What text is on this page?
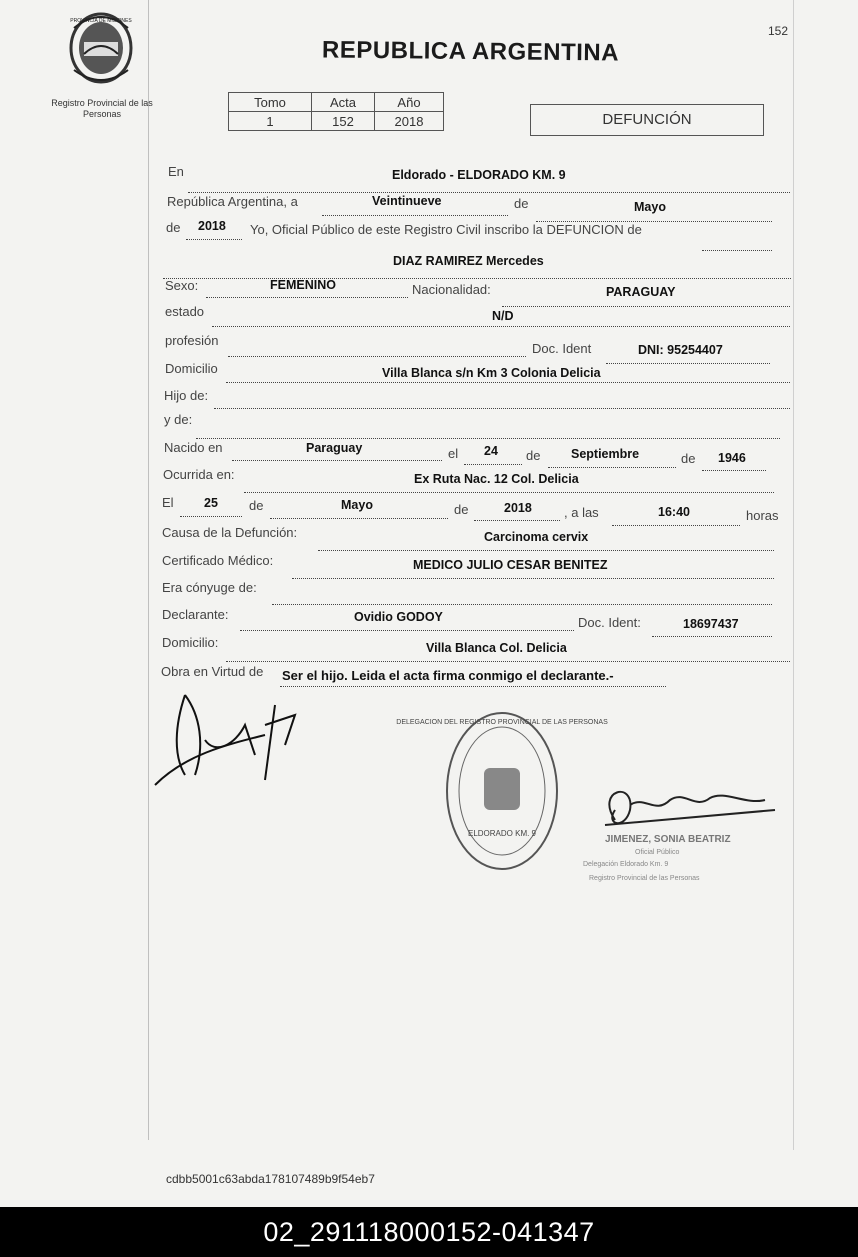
PROVINCIA DE MISIONES
Registro Provincial de las Personas
152
REPUBLICA ARGENTINA
Tomo	Acta	Año
1	152	2018	DEFUNCIÓN
En	Eldorado - ELDORADO KM. 9
República Argentina, a	Veintinueve	de	Mayo
de 2018 Yo, Oficial Público de este Registro Civil inscribo la DEFUNCION de
DIAZ RAMIREZ Mercedes
Sexo:	FEMENINO	Nacionalidad:	PARAGUAY
estado	N/D
profesión
Doc. Ident	DNI: 95254407
Domicilio	Villa Blanca s/n Km 3 Colonia Delicia
Hijo de:
y de:
Nacido en	Paraguay	el 24 de Septiembre	de 1946
Ocurrida en:	Ex Ruta Nac. 12 Col. Delicia
El 25 de	Mayo	de	2018 , a las	16:40	horas
Causa de la Defunción:	Carcinoma cervix
Certificado Médico:	MEDICO JULIO CESAR BENITEZ
Era cónyuge de:
Declarante:	Ovidio GODOY	Doc. Ident:	18697437
Domicilio:	Villa Blanca Col. Delicia
Obra en Virtud de Ser el hijo. Leida el acta firma conmigo el declarante.-
DELEGACION DEL REGISTRO PROVINCIAL DE LAS PERSONAS
ELDORADO KM. 9
JIMENEZ, SONIA BEATRIZ
Oficial Público
Delegación Eldorado Km. 9
Registro Provincial de las Personas
cdbb5001c63abda178107489b9f54eb7
02_291118000152-041347
